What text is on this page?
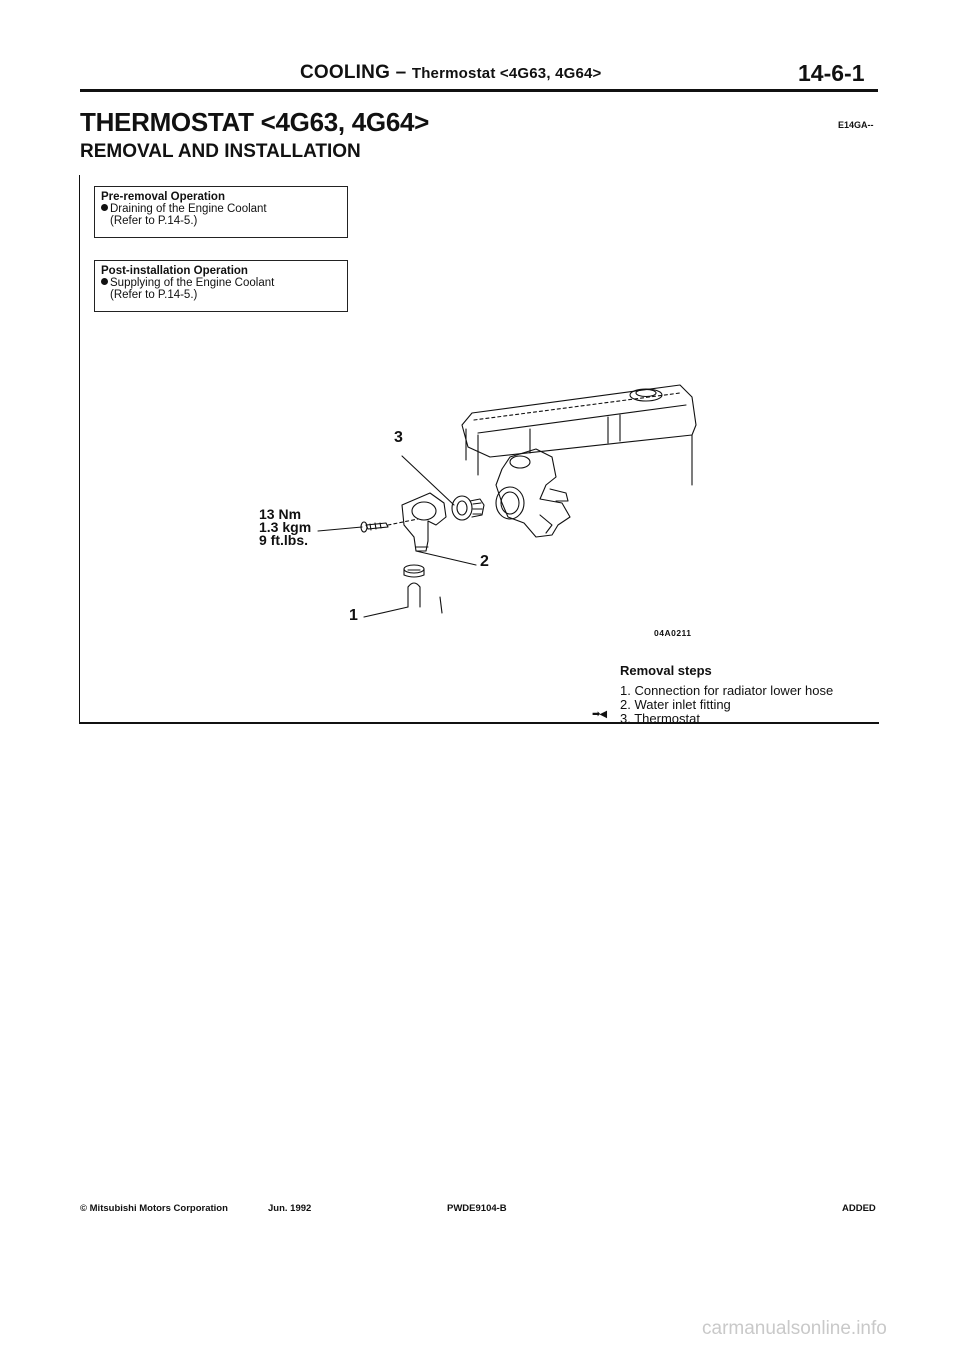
COOLING – Thermostat <4G63, 4G64>	14-6-1
THERMOSTAT <4G63, 4G64>	E14GA--
REMOVAL AND INSTALLATION
Pre-removal Operation
Draining of the Engine Coolant
(Refer to P.14-5.)
Post-installation Operation
Supplying of the Engine Coolant
(Refer to P.14-5.)
3
2
1
13 Nm
1.3 kgm
9 ft.lbs.
04A0211
Removal steps
1. Connection for radiator lower hose
2. Water inlet fitting
3. Thermostat
➡◀
© Mitsubishi Motors Corporation	Jun. 1992	PWDE9104-B	ADDED
carmanualsonline.info
